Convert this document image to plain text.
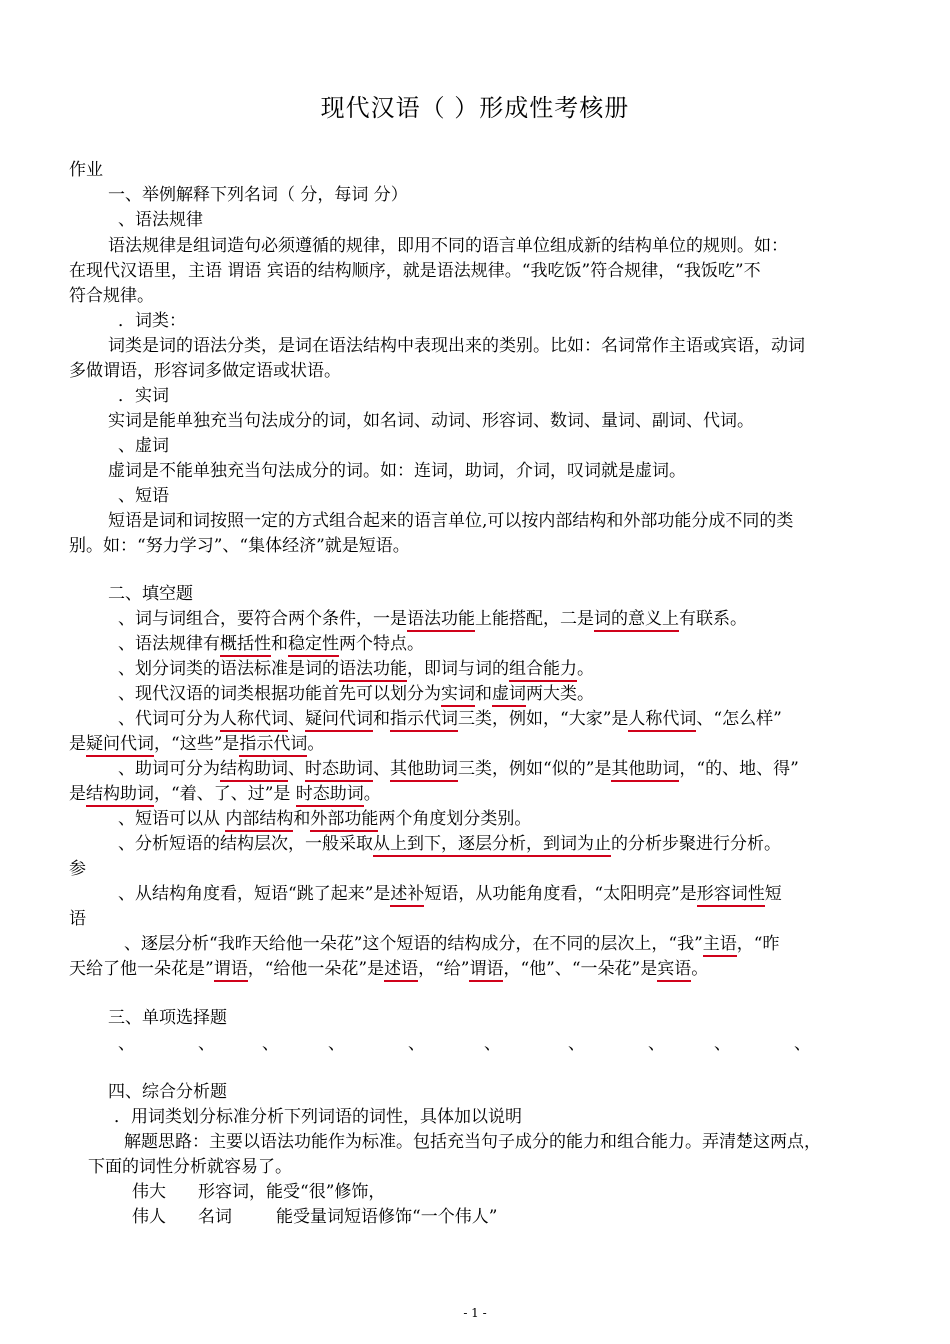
现代汉语（ ）形成性考核册
作业
一、举例解释下列名词（ 分，每词 分）
、语法规律
语法规律是组词造句必须遵循的规律，即用不同的语言单位组成新的结构单位的规则。如：
在现代汉语里，主语 谓语 宾语的结构顺序，就是语法规律。“我吃饭”符合规律，“我饭吃”不
符合规律。
．词类：
词类是词的语法分类，是词在语法结构中表现出来的类别。比如：名词常作主语或宾语，动词
多做谓语，形容词多做定语或状语。
．实词
实词是能单独充当句法成分的词，如名词、动词、形容词、数词、量词、副词、代词。
、虚词
虚词是不能单独充当句法成分的词。如：连词，助词，介词，叹词就是虚词。
、短语
短语是词和词按照一定的方式组合起来的语言单位,可以按内部结构和外部功能分成不同的类
别。如：“努力学习”、“集体经济”就是短语。
二、填空题
、词与词组合，要符合两个条件，一是语法功能上能搭配，二是词的意义上有联系。
、语法规律有概括性和稳定性两个特点。
、划分词类的语法标准是词的语法功能，即词与词的组合能力。
、现代汉语的词类根据功能首先可以划分为实词和虚词两大类。
、代词可分为人称代词、疑问代词和指示代词三类，例如，“大家”是人称代词、“怎么样”
是疑问代词，“这些”是指示代词。
、助词可分为结构助词、时态助词、其他助词三类，例如“似的”是其他助词，“的、地、得”
是结构助词，“着、了、过”是 时态助词。
、短语可以从 内部结构和外部功能两个角度划分类别。
、分析短语的结构层次，一般采取从上到下，逐层分析，到词为止的分析步聚进行分析。
参
、从结构角度看，短语“跳了起来”是述补短语，从功能角度看，“太阳明亮”是形容词性短
语
、逐层分析“我昨天给他一朵花”这个短语的结构成分，在不同的层次上，“我”主语，“昨
天给了他一朵花是”谓语，“给他一朵花”是述语，“给”谓语，“他”、“一朵花”是宾语。
三、单项选择题
、	、	、	、	、	、	、	、	、	、
四、综合分析题
．用词类划分标准分析下列词语的词性，具体加以说明
解题思路：主要以语法功能作为标准。包括充当句子成分的能力和组合能力。弄清楚这两点，
下面的词性分析就容易了。
伟大 形容词，能受“很”修饰，
伟人 名词	能受量词短语修饰“一个伟人”
- 1 -
